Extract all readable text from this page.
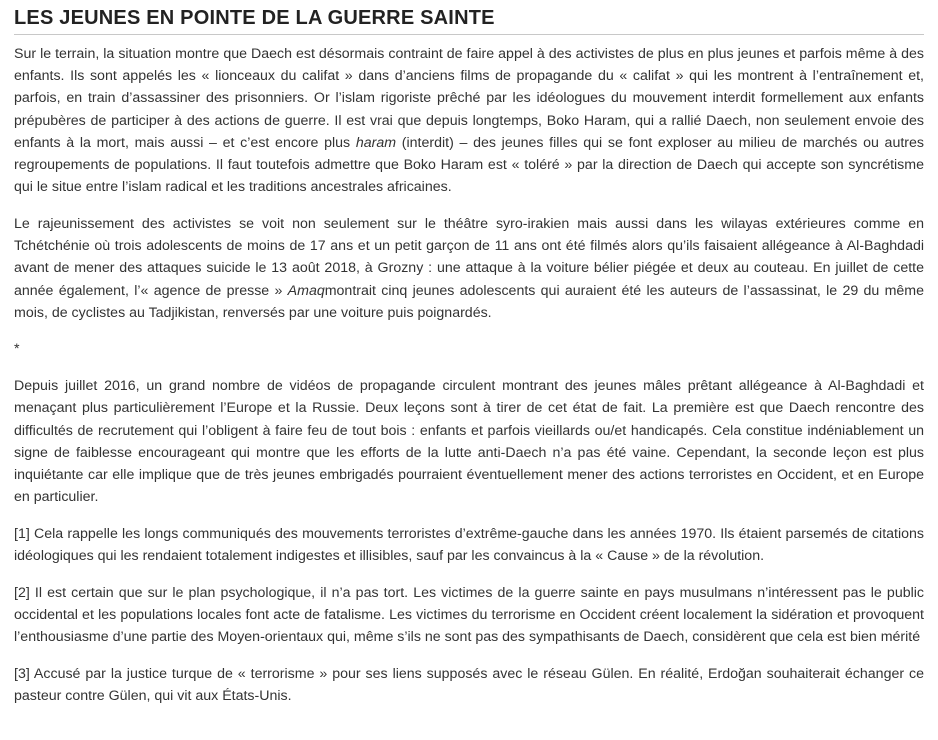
LES JEUNES EN POINTE DE LA GUERRE SAINTE

Sur le terrain, la situation montre que Daech est désormais contraint de faire appel à des activistes de plus en plus jeunes et parfois même à des enfants. Ils sont appelés les « lionceaux du califat » dans d’anciens films de propagande du « califat » qui les montrent à l’entraînement et, parfois, en train d’assassiner des prisonniers. Or l’islam rigoriste prêché par les idéologues du mouvement interdit formellement aux enfants prépubères de participer à des actions de guerre. Il est vrai que depuis longtemps, Boko Haram, qui a rallié Daech, non seulement envoie des enfants à la mort, mais aussi – et c’est encore plus haram (interdit) – des jeunes filles qui se font exploser au milieu de marchés ou autres regroupements de populations. Il faut toutefois admettre que Boko Haram est « toléré » par la direction de Daech qui accepte son syncrétisme qui le situe entre l’islam radical et les traditions ancestrales africaines.

Le rajeunissement des activistes se voit non seulement sur le théâtre syro-irakien mais aussi dans les wilayas extérieures comme en Tchétchénie où trois adolescents de moins de 17 ans et un petit garçon de 11 ans ont été filmés alors qu’ils faisaient allégeance à Al-Baghdadi avant de mener des attaques suicide le 13 août 2018, à Grozny : une attaque à la voiture bélier piégée et deux au couteau. En juillet de cette année également, l’« agence de presse » Amaqmontrait cinq jeunes adolescents qui auraient été les auteurs de l’assassinat, le 29 du même mois, de cyclistes au Tadjikistan, renversés par une voiture puis poignardés.

*

Depuis juillet 2016, un grand nombre de vidéos de propagande circulent montrant des jeunes mâles prêtant allégeance à Al-Baghdadi et menaçant plus particulièrement l’Europe et la Russie. Deux leçons sont à tirer de cet état de fait. La première est que Daech rencontre des difficultés de recrutement qui l’obligent à faire feu de tout bois : enfants et parfois vieillards ou/et handicapés. Cela constitue indéniablement un signe de faiblesse encourageant qui montre que les efforts de la lutte anti-Daech n’a pas été vaine. Cependant, la seconde leçon est plus inquiétante car elle implique que de très jeunes embrigadés pourraient éventuellement mener des actions terroristes en Occident, et en Europe en particulier.

[1] Cela rappelle les longs communiqués des mouvements terroristes d’extrême-gauche dans les années 1970. Ils étaient parsemés de citations idéologiques qui les rendaient totalement indigestes et illisibles, sauf par les convaincus à la « Cause » de la révolution.

[2] Il est certain que sur le plan psychologique, il n’a pas tort. Les victimes de la guerre sainte en pays musulmans n’intéressent pas le public occidental et les populations locales font acte de fatalisme. Les victimes du terrorisme en Occident créent localement la sidération et provoquent l’enthousiasme d’une partie des Moyen-orientaux qui, même s’ils ne sont pas des sympathisants de Daech, considèrent que cela est bien mérité

[3] Accusé par la justice turque de « terrorisme » pour ses liens supposés avec le réseau Gülen. En réalité, Erdoğan souhaiterait échanger ce pasteur contre Gülen, qui vit aux États-Unis.
